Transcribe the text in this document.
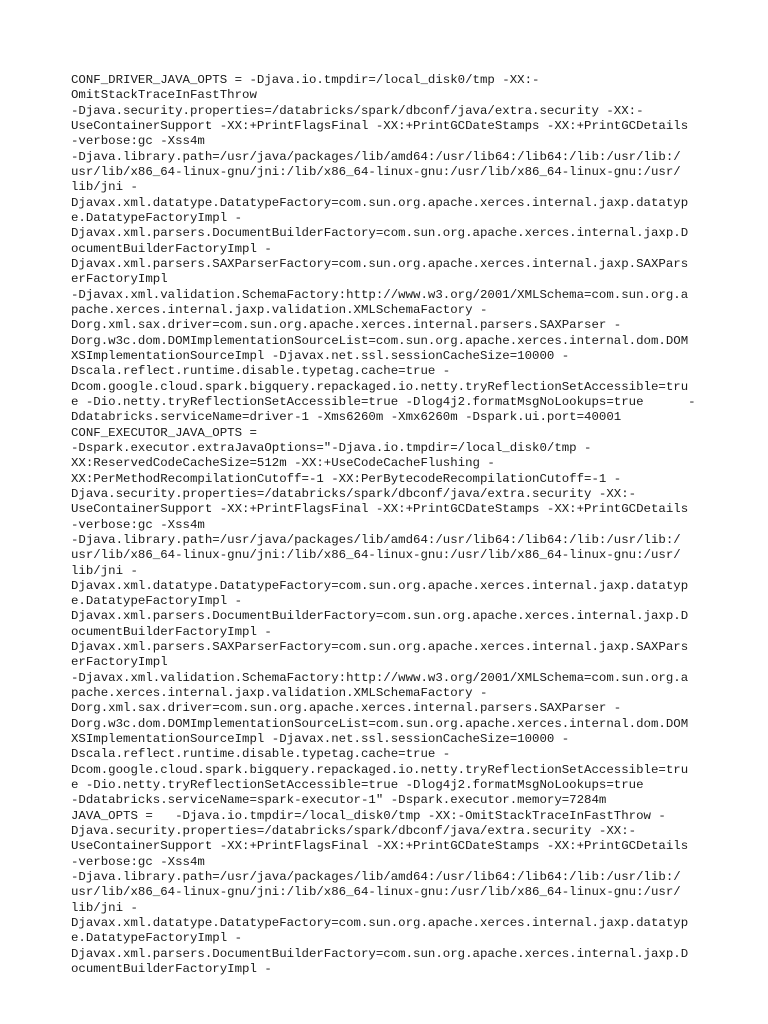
CONF_DRIVER_JAVA_OPTS = -Djava.io.tmpdir=/local_disk0/tmp -XX:-
OmitStackTraceInFastThrow
-Djava.security.properties=/databricks/spark/dbconf/java/extra.security -XX:-
UseContainerSupport -XX:+PrintFlagsFinal -XX:+PrintGCDateStamps -XX:+PrintGCDetails
-verbose:gc -Xss4m
-Djava.library.path=/usr/java/packages/lib/amd64:/usr/lib64:/lib64:/lib:/usr/lib:/
usr/lib/x86_64-linux-gnu/jni:/lib/x86_64-linux-gnu:/usr/lib/x86_64-linux-gnu:/usr/
lib/jni -
Djavax.xml.datatype.DatatypeFactory=com.sun.org.apache.xerces.internal.jaxp.datatyp
e.DatatypeFactoryImpl -
Djavax.xml.parsers.DocumentBuilderFactory=com.sun.org.apache.xerces.internal.jaxp.D
ocumentBuilderFactoryImpl -
Djavax.xml.parsers.SAXParserFactory=com.sun.org.apache.xerces.internal.jaxp.SAXPars
erFactoryImpl
-Djavax.xml.validation.SchemaFactory:http://www.w3.org/2001/XMLSchema=com.sun.org.a
pache.xerces.internal.jaxp.validation.XMLSchemaFactory -
Dorg.xml.sax.driver=com.sun.org.apache.xerces.internal.parsers.SAXParser -
Dorg.w3c.dom.DOMImplementationSourceList=com.sun.org.apache.xerces.internal.dom.DOM
XSImplementationSourceImpl -Djavax.net.ssl.sessionCacheSize=10000 -
Dscala.reflect.runtime.disable.typetag.cache=true -
Dcom.google.cloud.spark.bigquery.repackaged.io.netty.tryReflectionSetAccessible=tru
e -Dio.netty.tryReflectionSetAccessible=true -Dlog4j2.formatMsgNoLookups=true      -
Ddatabricks.serviceName=driver-1 -Xms6260m -Xmx6260m -Dspark.ui.port=40001
CONF_EXECUTOR_JAVA_OPTS =
-Dspark.executor.extraJavaOptions="-Djava.io.tmpdir=/local_disk0/tmp -
XX:ReservedCodeCacheSize=512m -XX:+UseCodeCacheFlushing -
XX:PerMethodRecompilationCutoff=-1 -XX:PerBytecodeRecompilationCutoff=-1 -
Djava.security.properties=/databricks/spark/dbconf/java/extra.security -XX:-
UseContainerSupport -XX:+PrintFlagsFinal -XX:+PrintGCDateStamps -XX:+PrintGCDetails
-verbose:gc -Xss4m
-Djava.library.path=/usr/java/packages/lib/amd64:/usr/lib64:/lib64:/lib:/usr/lib:/
usr/lib/x86_64-linux-gnu/jni:/lib/x86_64-linux-gnu:/usr/lib/x86_64-linux-gnu:/usr/
lib/jni -
Djavax.xml.datatype.DatatypeFactory=com.sun.org.apache.xerces.internal.jaxp.datatyp
e.DatatypeFactoryImpl -
Djavax.xml.parsers.DocumentBuilderFactory=com.sun.org.apache.xerces.internal.jaxp.D
ocumentBuilderFactoryImpl -
Djavax.xml.parsers.SAXParserFactory=com.sun.org.apache.xerces.internal.jaxp.SAXPars
erFactoryImpl
-Djavax.xml.validation.SchemaFactory:http://www.w3.org/2001/XMLSchema=com.sun.org.a
pache.xerces.internal.jaxp.validation.XMLSchemaFactory -
Dorg.xml.sax.driver=com.sun.org.apache.xerces.internal.parsers.SAXParser -
Dorg.w3c.dom.DOMImplementationSourceList=com.sun.org.apache.xerces.internal.dom.DOM
XSImplementationSourceImpl -Djavax.net.ssl.sessionCacheSize=10000 -
Dscala.reflect.runtime.disable.typetag.cache=true -
Dcom.google.cloud.spark.bigquery.repackaged.io.netty.tryReflectionSetAccessible=tru
e -Dio.netty.tryReflectionSetAccessible=true -Dlog4j2.formatMsgNoLookups=true
-Ddatabricks.serviceName=spark-executor-1" -Dspark.executor.memory=7284m
JAVA_OPTS =   -Djava.io.tmpdir=/local_disk0/tmp -XX:-OmitStackTraceInFastThrow -
Djava.security.properties=/databricks/spark/dbconf/java/extra.security -XX:-
UseContainerSupport -XX:+PrintFlagsFinal -XX:+PrintGCDateStamps -XX:+PrintGCDetails
-verbose:gc -Xss4m
-Djava.library.path=/usr/java/packages/lib/amd64:/usr/lib64:/lib64:/lib:/usr/lib:/
usr/lib/x86_64-linux-gnu/jni:/lib/x86_64-linux-gnu:/usr/lib/x86_64-linux-gnu:/usr/
lib/jni -
Djavax.xml.datatype.DatatypeFactory=com.sun.org.apache.xerces.internal.jaxp.datatyp
e.DatatypeFactoryImpl -
Djavax.xml.parsers.DocumentBuilderFactory=com.sun.org.apache.xerces.internal.jaxp.D
ocumentBuilderFactoryImpl -
